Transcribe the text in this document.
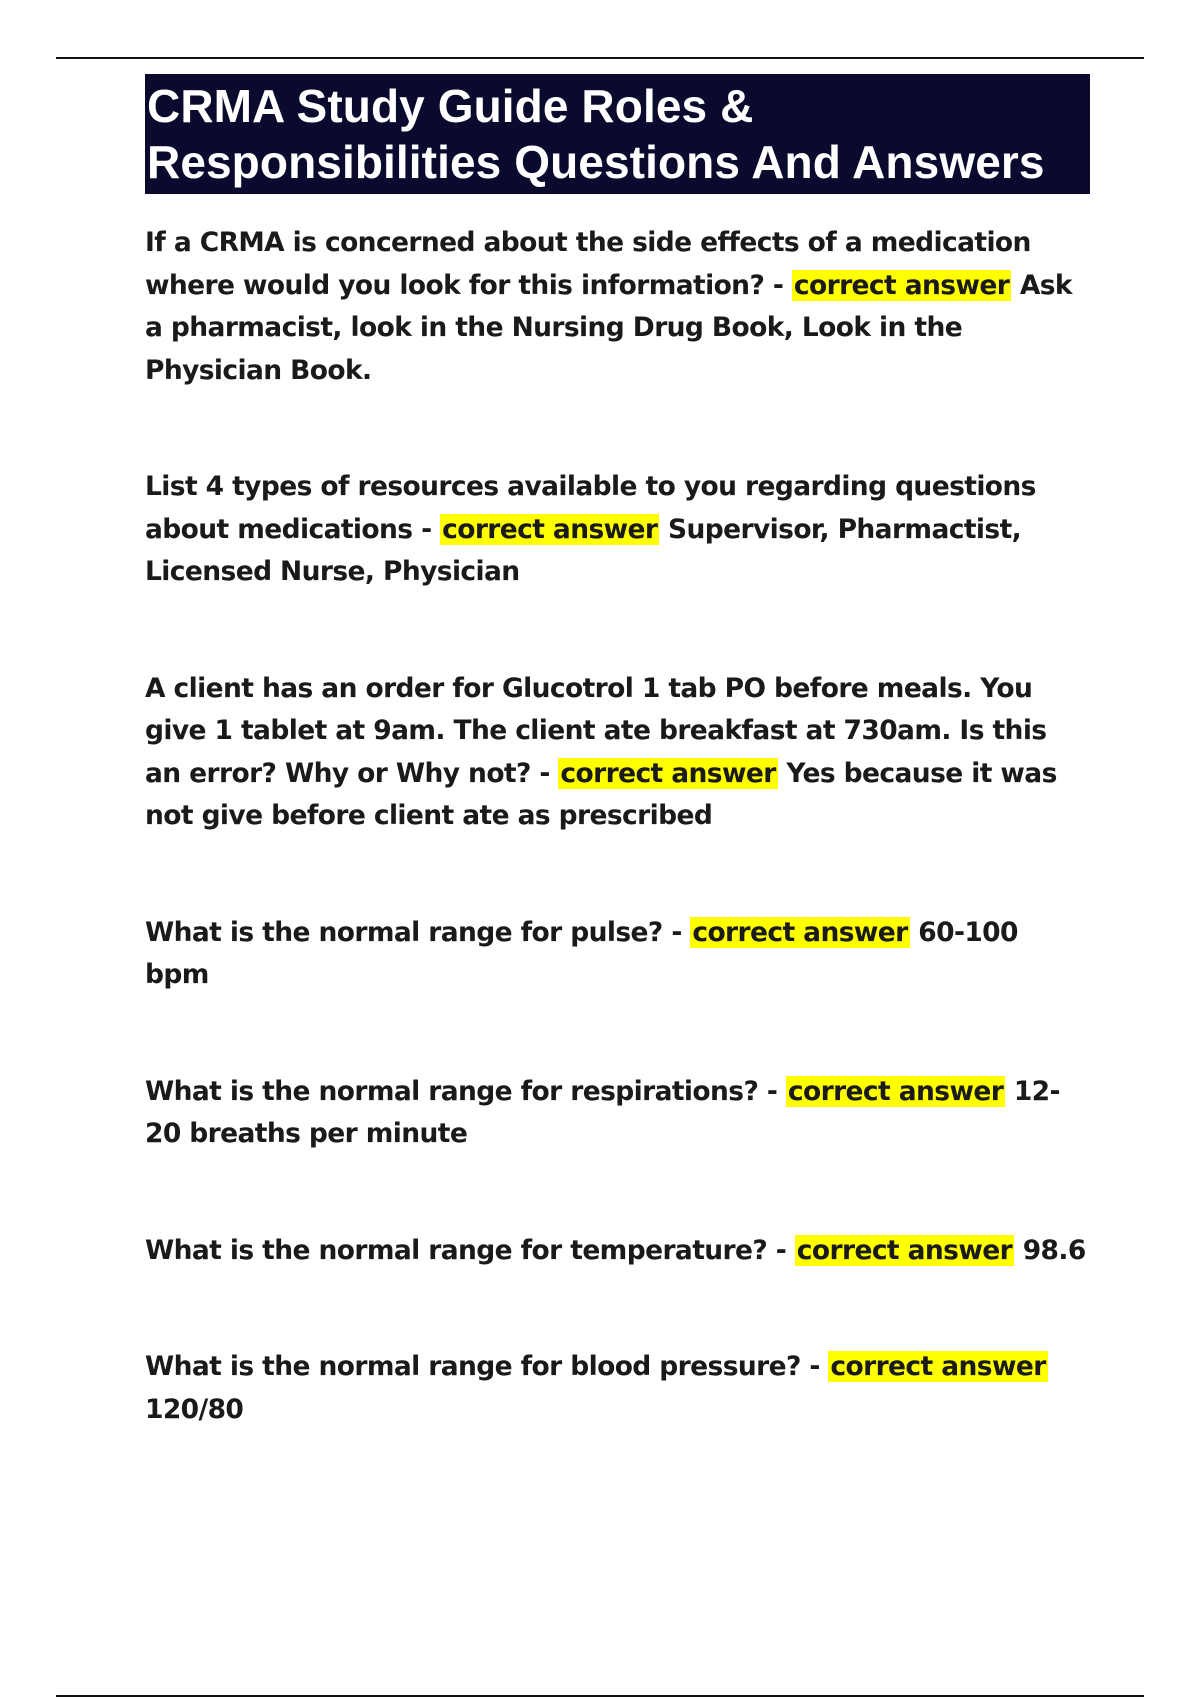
CRMA Study Guide Roles & Responsibilities Questions And Answers

If a CRMA is concerned about the side effects of a medication where would you look for this information? - correct answer Ask a pharmacist, look in the Nursing Drug Book, Look in the Physician Book.

List 4 types of resources available to you regarding questions about medications - correct answer Supervisor, Pharmactist, Licensed Nurse, Physician

A client has an order for Glucotrol 1 tab PO before meals. You give 1 tablet at 9am. The client ate breakfast at 730am. Is this an error? Why or Why not? - correct answer Yes because it was not give before client ate as prescribed

What is the normal range for pulse? - correct answer 60-100 bpm

What is the normal range for respirations? - correct answer 12-20 breaths per minute

What is the normal range for temperature? - correct answer 98.6

What is the normal range for blood pressure? - correct answer 120/80
